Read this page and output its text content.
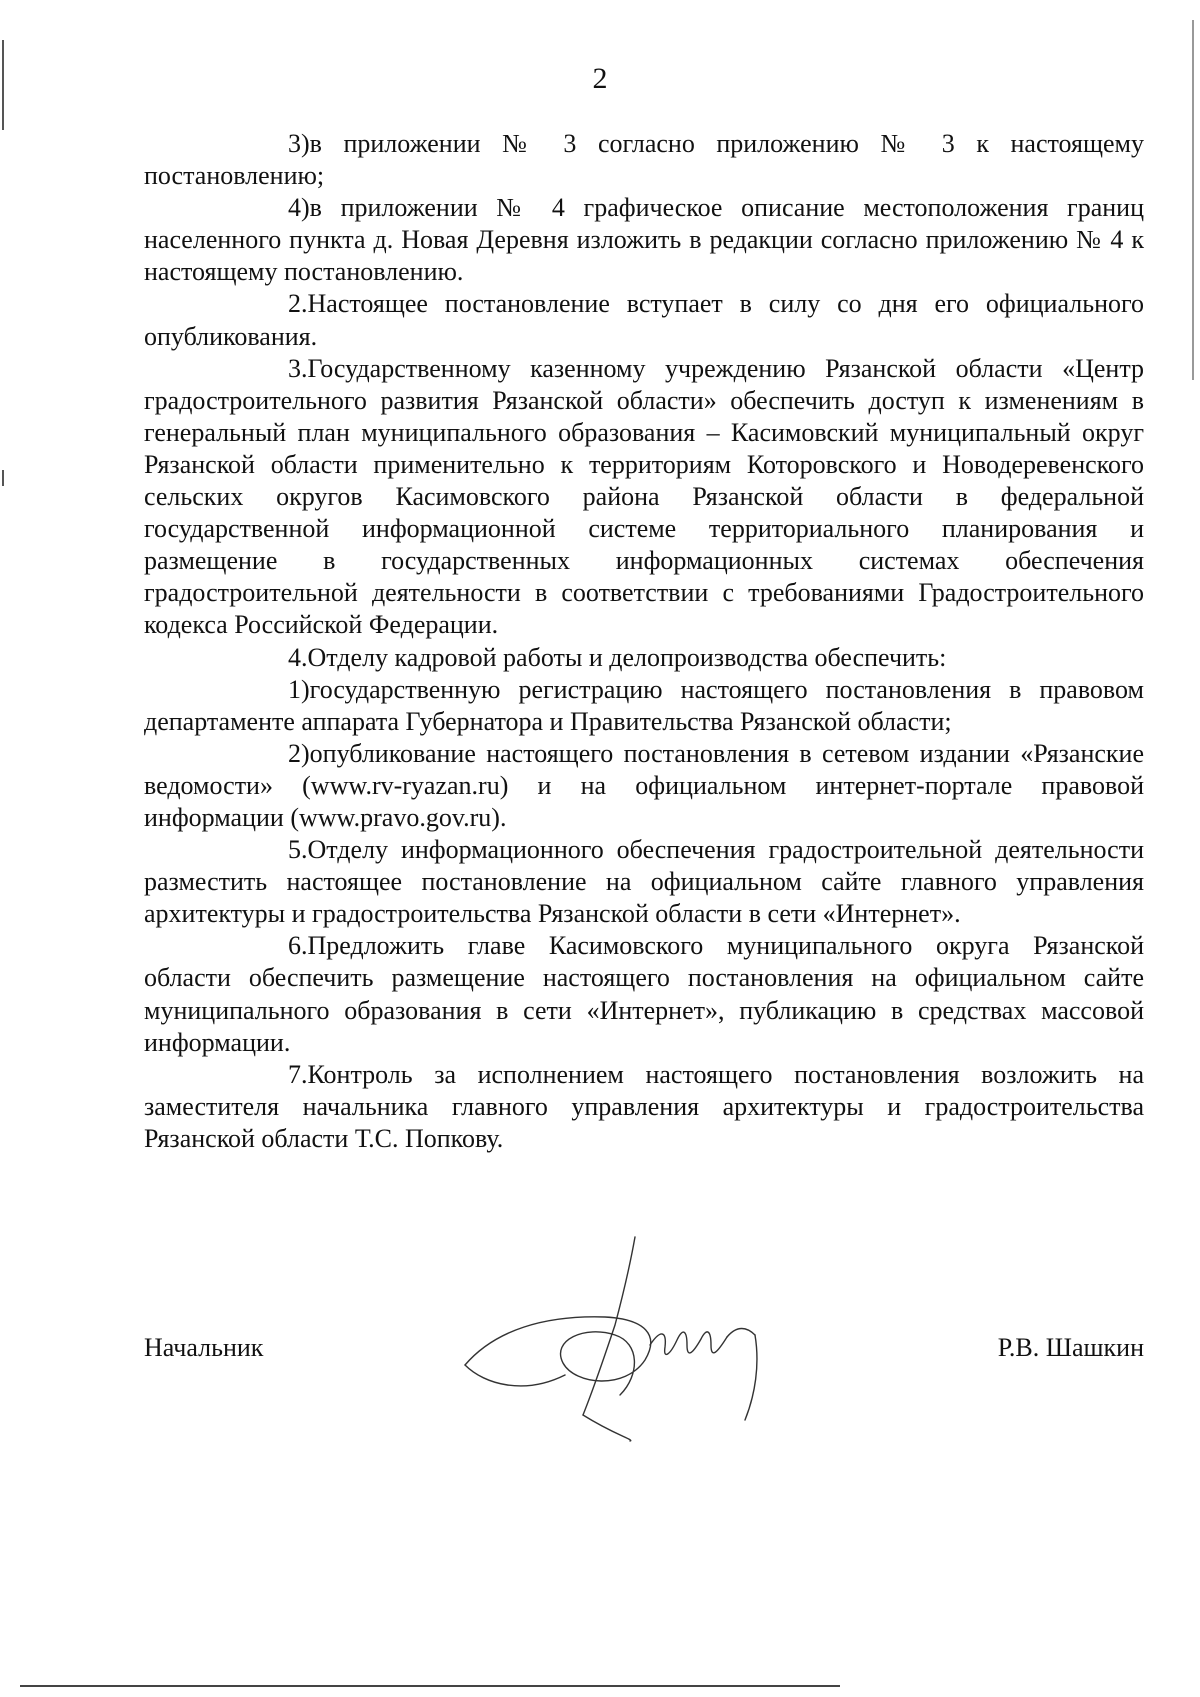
2

3)в приложении № 3 согласно приложению № 3 к настоящему постановлению;

4)в приложении № 4 графическое описание местоположения границ населенного пункта д. Новая Деревня изложить в редакции согласно приложению № 4 к настоящему постановлению.

2.Настоящее постановление вступает в силу со дня его официального опубликования.

3.Государственному казенному учреждению Рязанской области «Центр градостроительного развития Рязанской области» обеспечить доступ к изменениям в генеральный план муниципального образования – Касимовский муниципальный округ Рязанской области применительно к территориям Которовского и Новодеревенского сельских округов Касимовского района Рязанской области в федеральной государственной информационной системе территориального планирования и размещение в государственных информационных системах обеспечения градостроительной деятельности в соответствии с требованиями Градостроительного кодекса Российской Федерации.

4.Отделу кадровой работы и делопроизводства обеспечить:

1)государственную регистрацию настоящего постановления в правовом департаменте аппарата Губернатора и Правительства Рязанской области;

2)опубликование настоящего постановления в сетевом издании «Рязанские ведомости» (www.rv-ryazan.ru) и на официальном интернет-портале правовой информации (www.pravo.gov.ru).

5.Отделу информационного обеспечения градостроительной деятельности разместить настоящее постановление на официальном сайте главного управления архитектуры и градостроительства Рязанской области в сети «Интернет».

6.Предложить главе Касимовского муниципального округа Рязанской области обеспечить размещение настоящего постановления на официальном сайте муниципального образования в сети «Интернет», публикацию в средствах массовой информации.

7.Контроль за исполнением настоящего постановления возложить на заместителя начальника главного управления архитектуры и градостроительства Рязанской области Т.С. Попкову.

Начальник	Р.В. Шашкин
